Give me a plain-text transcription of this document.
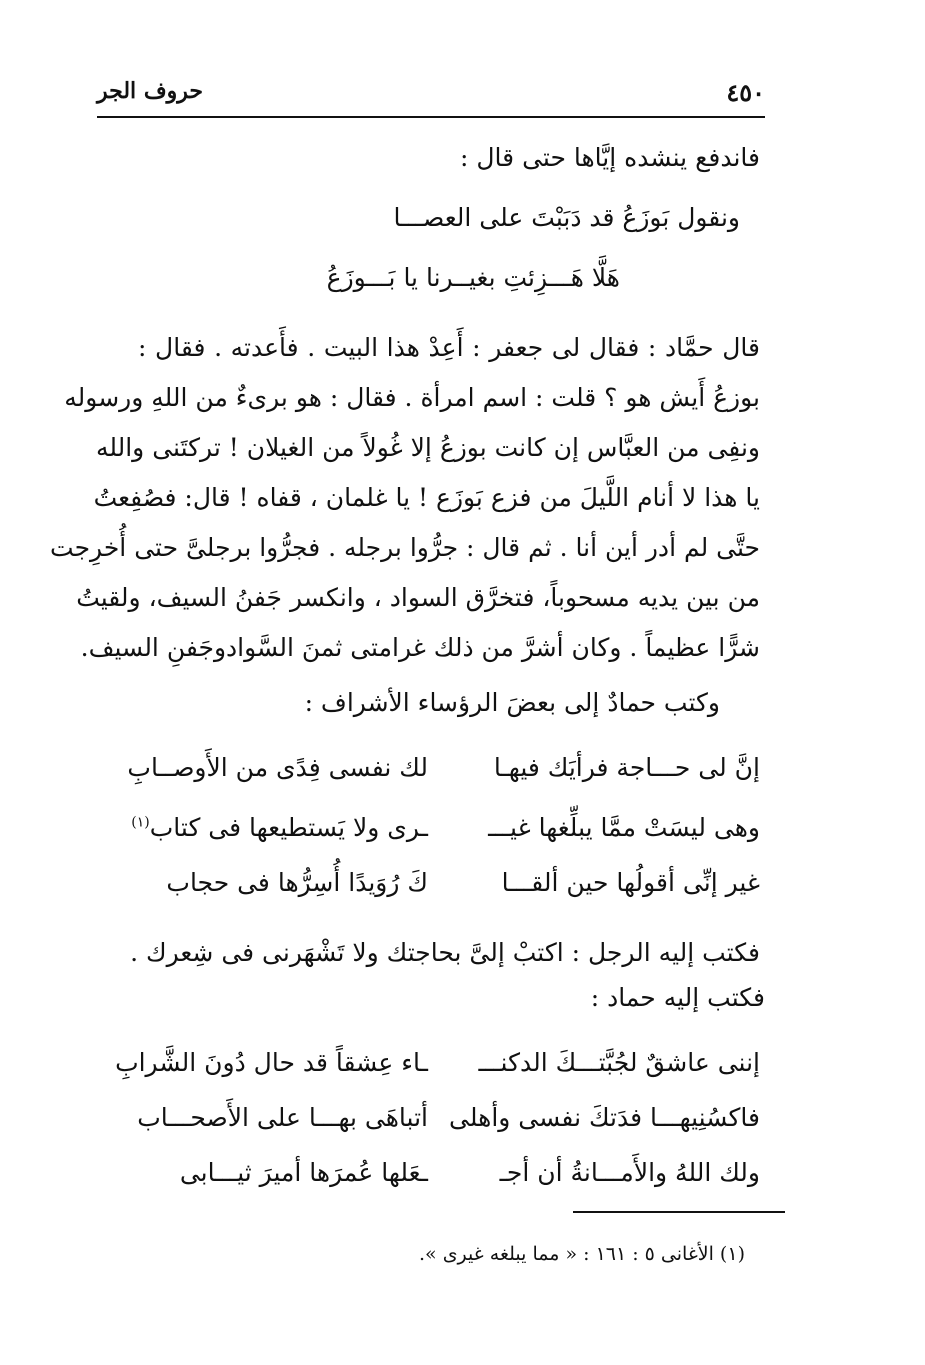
٤٥٠
حروف الجر
فاندفع ينشده إيَّاها حتى قال :
ونقول بَوزَعُ قد دَبَبْتَ على العصـــا
هَلَّا هَـــزِئتِ بغيــرنا يا بَـــوزَعُ
قال حمَّاد : فقال لى جعفر : أَعِدْ هذا البيت . فأَعدته . فقال :
بوزعُ أَيش هو ؟ قلت : اسم امرأة . فقال : هو برىءٌ من اللهِ ورسوله
ونفِى من العبَّاس إن كانت بوزعُ إلا غُولاً من الغيلان ! تركتَنى والله
يا هذا لا أنام اللَّيلَ من فزع بَوزَع ! يا غلمان ، قفاه ! قال: فصُفِعتُ
حتَّى لم أدر أين أنا . ثم قال : جرُّوا برجله . فجرُّوا برجلىَّ حتى أُخرِجت
من بين يديه مسحوباً، فتخرَّق السواد ، وانكسر جَفنُ السيف، ولقيتُ
شرًّا عظيماً . وكان أشرَّ من ذلك غرامتى ثمنَ السَّوادوجَفنِ السيف.
وكتب حمادٌ إلى بعضَ الرؤساء الأشراف :
إنَّ لى حـــاجة فرأيَك فيهـا
لك نفسى فِدًى من الأَوصــابِ
وهى ليسَتْ ممَّا يبلِّغها غيـــ
ـرى ولا يَستطيعها فى كتاب$^{(١)}$
غير إنِّى أقولُها حين ألقـــا
كَ رُوَيدًا أُسِرُّها فى حجاب
فكتب إليه الرجل : اكتبْ إلىَّ بحاجتك ولا تَشْهَرنى فى شِعرك .
فكتب إليه حماد :
إننى عاشقٌ لجُبَّتـــكَ الدكنـــ
ـاء عِشقاً قد حال دُونَ الشَّرابِ
فاكسُنِيهـــا فدَتكَ نفسى وأهلى
أتباهَى بهـــا على الأَصحـــاب
ولك اللهُ والأَمـــانةُ أن أجـ
ـعَلها عُمرَها أميرَ ثيـــابى
(١) الأغانى ٥ : ١٦١ : « مما يبلغه غيرى ».
